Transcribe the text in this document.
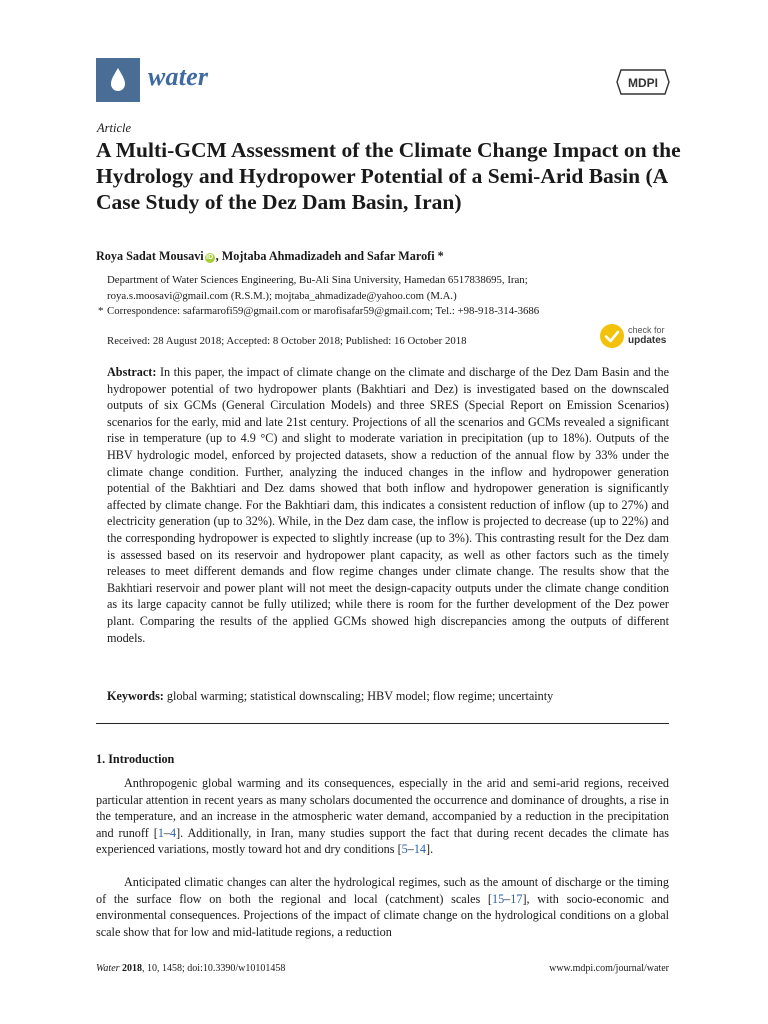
water	MDPI
Article
A Multi-GCM Assessment of the Climate Change Impact on the Hydrology and Hydropower Potential of a Semi-Arid Basin (A Case Study of the Dez Dam Basin, Iran)
Roya Sadat Mousavi iD , Mojtaba Ahmadizadeh and Safar Marofi *
Department of Water Sciences Engineering, Bu-Ali Sina University, Hamedan 6517838695, Iran;
roya.s.moosavi@gmail.com (R.S.M.); mojtaba_ahmadizade@yahoo.com (M.A.)
* Correspondence: safarmarofi59@gmail.com or marofisafar59@gmail.com; Tel.: +98-918-314-3686
Received: 28 August 2018; Accepted: 8 October 2018; Published: 16 October 2018
check for
updates

Abstract: In this paper, the impact of climate change on the climate and discharge of the Dez Dam Basin and the hydropower potential of two hydropower plants (Bakhtiari and Dez) is investigated based on the downscaled outputs of six GCMs (General Circulation Models) and three SRES (Special Report on Emission Scenarios) scenarios for the early, mid and late 21st century. Projections of all the scenarios and GCMs revealed a significant rise in temperature (up to 4.9 °C) and slight to moderate variation in precipitation (up to 18%). Outputs of the HBV hydrologic model, enforced by projected datasets, show a reduction of the annual flow by 33% under the climate change condition. Further, analyzing the induced changes in the inflow and hydropower generation potential of the Bakhtiari and Dez dams showed that both inflow and hydropower generation is significantly affected by climate change. For the Bakhtiari dam, this indicates a consistent reduction of inflow (up to 27%) and electricity generation (up to 32%). While, in the Dez dam case, the inflow is projected to decrease (up to 22%) and the corresponding hydropower is expected to slightly increase (up to 3%). This contrasting result for the Dez dam is assessed based on its reservoir and hydropower plant capacity, as well as other factors such as the timely releases to meet different demands and flow regime changes under climate change. The results show that the Bakhtiari reservoir and power plant will not meet the design-capacity outputs under the climate change condition as its large capacity cannot be fully utilized; while there is room for the further development of the Dez power plant. Comparing the results of the applied GCMs showed high discrepancies among the outputs of different models.

Keywords: global warming; statistical downscaling; HBV model; flow regime; uncertainty
1. Introduction

Anthropogenic global warming and its consequences, especially in the arid and semi-arid regions, received particular attention in recent years as many scholars documented the occurrence and dominance of droughts, a rise in the temperature, and an increase in the atmospheric water demand, accompanied by a reduction in the precipitation and runoff [1–4]. Additionally, in Iran, many studies support the fact that during recent decades the climate has experienced variations, mostly toward hot and dry conditions [5–14].

Anticipated climatic changes can alter the hydrological regimes, such as the amount of discharge or the timing of the surface flow on both the regional and local (catchment) scales [15–17], with socio-economic and environmental consequences. Projections of the impact of climate change on the hydrological conditions on a global scale show that for low and mid-latitude regions, a reduction

Water 2018, 10, 1458; doi:10.3390/w10101458	www.mdpi.com/journal/water
